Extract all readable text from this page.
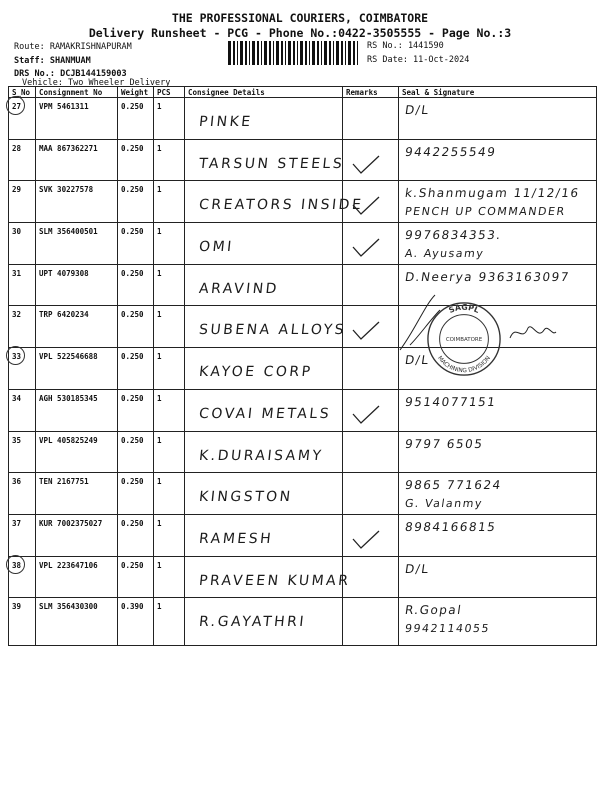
THE PROFESSIONAL COURIERS, COIMBATORE
Delivery Runsheet - PCG - Phone No.:0422-3505555 - Page No.:3
Route: RAMAKRISHNAPURAM
Staff: SHANMUAM
DRS No.: DCJB144159003
Vehicle: Two Wheeler Delivery
RS No.: 1441590
RS Date: 11-Oct-2024
S_No	Consignment No	Weight	PCS	Consignee Details	Remarks	Seal & Signature

27	VPM 5461311	0.250	1	PINKE		D/L

28	MAA 867362271	0.250	1	TARSUN STEELS		9442255549

29	SVK 30227578	0.250	1	CREATORS INSIDE		k.Shanmugam 11/12/16
PENCH UP COMMANDER

30	SLM 356400501	0.250	1	OMI		9976834353.
A. Ayusamy

31	UPT 4079308	0.250	1	ARAVIND		D.Neerya 9363163097

32	TRP 6420234	0.250	1	SUBENA ALLOYS

33	VPL 522546688	0.250	1	KAYOE CORP		D/L

34	AGH 530185345	0.250	1	COVAI METALS		9514077151

35	VPL 405825249	0.250	1	K.DURAISAMY		9797 6505

36	TEN 2167751	0.250	1	KINGSTON		9865 771624
G. Valanmy

37	KUR 7002375027	0.250	1	RAMESH		8984166815

38	VPL 223647106	0.250	1	PRAVEEN KUMAR		D/L

39	SLM 356430300	0.390	1	R.GAYATHRI		R.Gopal
9942114055
SAGPL
MACHINING DIVISION
COIMBATORE
